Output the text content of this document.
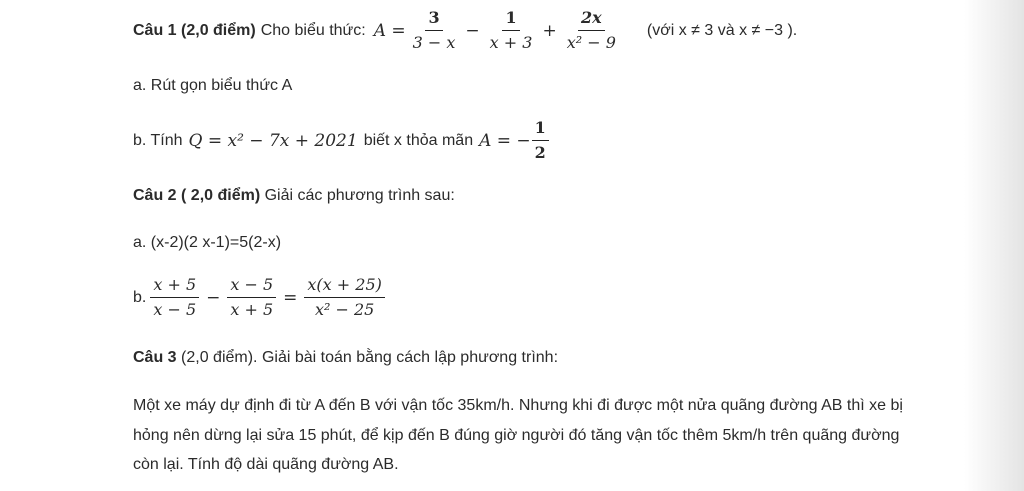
Câu 1 (2,0 điểm) Cho biểu thức: $A = \frac{3}{3 - x} - \frac{1}{x + 3} + \frac{2x}{\text{x² − 9}}$ (với x ≠ 3 và x ≠ −3 ).
a. Rút gọn biểu thức A
b. Tính Q = x² − 7x + 2021 biết x thỏa mãn A = − $\frac{1}{2}$
Câu 2 ( 2,0 điểm) Giải các phương trình sau:
a. (x-2)(2 x-1)=5(2-x)
b. $\frac{x + 5}{x - 5} - \frac{x - 5}{x + 5} = \frac{x(x + 25)}{\text{x² − 25}}$
Câu 3 (2,0 điểm). Giải bài toán bằng cách lập phương trình:
Một xe máy dự định đi từ A đến B với vận tốc 35km/h. Nhưng khi đi được một nửa quãng đường AB thì xe bị hỏng nên dừng lại sửa 15 phút, để kịp đến B đúng giờ người đó tăng vận tốc thêm 5km/h trên quãng đường còn lại. Tính độ dài quãng đường AB.
